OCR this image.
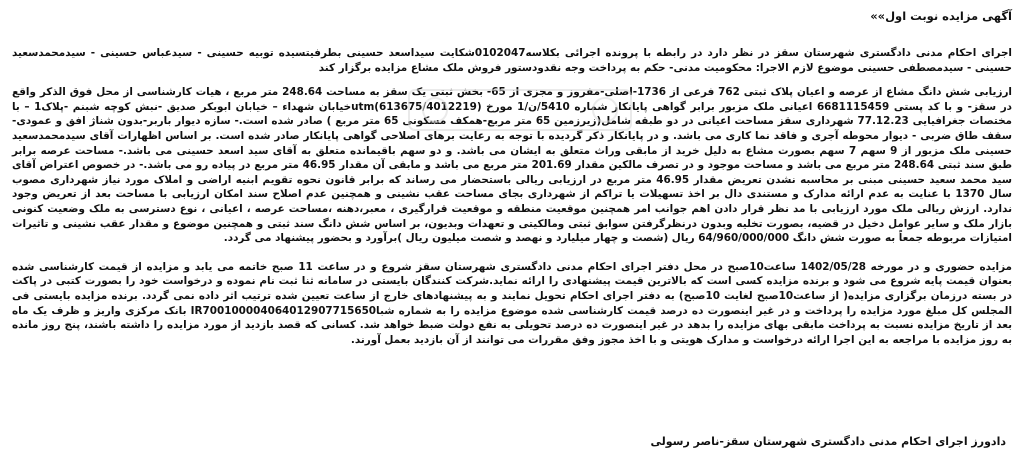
آگهی مزایده نوبت اول»»

اجرای احکام مدنی دادگستری شهرستان سقز در نظر دارد در رابطه با پرونده اجرائی بکلاسه0102047شکایت سیداسعد حسینی بطرفیتسیده توبیه حسینی - سیدعباس حسینی - سیدمحمدسعید حسینی - سیدمصطفی حسینی موضوع لازم الاجرا: محکومیت مدنی- حکم به پرداخت وجه نقدودستور فروش ملک مشاع مزایده برگزار کند

ارزیابی شش دانگ مشاع از عرصه و اعیان پلاک ثبتی 762 فرعی از 1736-اصلی-مفروز و مجزی از 65- بخش ثبتی یک سقز به مساحت 248.64 متر مربع ، هیات کارشناسی از محل فوق الذکر واقع در سقز- و با کد پستی 6681115459 اعیانی ملک مزبور برابر گواهی پایانکار شماره 5410/ن/1 مورخ (613675/4012219)utmخیابان شهداء – خیابان ابوبکر صدیق -نبش کوچه شبنم -پلاک1 – با مختصات جغرافیایی 77.12.23 شهرداری سقز مساحت اعیانی در دو طبقه شامل(زیرزمین 65 متر مربع-همکف مسکونی 65 متر مربع ) صادر شده است.- سازه دیوار باربر-بدون شناژ افق و عمودی-سقف طاق ضربی - دیوار محوطه آجری و فاقد نما کاری می باشد. و در پایانکار ذکر گردیده با توجه به رعایت برهای اصلاحی گواهی پایانکار صادر شده است. بر اساس اظهارات آقای سیدمحمدسعید حسینی ملک مزبور از 9 سهم 7 سهم بصورت مشاع به دلیل خرید از مابقی وراث متعلق به ایشان می باشد. و دو سهم باقیمانده متعلق به آقای سید اسعد حسینی می باشد.- مساحت عرصه برابر طبق سند ثبتی 248.64 متر مربع می باشد و مساحت موجود و در تصرف مالکین مقدار 201.69 متر مربع می باشد و مابقی آن مقدار 46.95 متر مربع در پیاده رو می باشد.- در خصوص اعتراض آقای سید محمد سعید حسینی مبنی بر محاسبه نشدن تعریض مقدار 46.95 متر مربع در ارزیابی ریالی باستحضار می رساند که برابر قانون نحوه تقویم ابنیه اراضی و املاک مورد نیاز شهرداری مصوب سال 1370 با عنایت به عدم ارائه مدارک و مستندی دال بر اخذ تسهیلات یا تراکم از شهرداری بجای مساحت عقب نشینی و همچنین عدم اصلاح سند امکان ارزیابی با مساحت بعد از تعریض وجود ندارد. ارزش ریالی ملک مورد ارزیابی با مد نظر قرار دادن اهم جوانب امر همچنین موقعیت منطقه و موقعیت قرارگیری ، معبر،دهنه ،مساحت عرصه ، اعیانی ، نوع دسترسی به ملک وضعیت کنونی بازار ملک و سایر عوامل دخیل در قضیه، بصورت تخلیه وبدون درنظرگرفتن سوابق ثبتی ومالکیتی و تعهدات وبدیون، بر اساس شش دانگ سند ثبتی و همچنین موضوع و مقدار عقب نشینی و تاثیرات امتیازات مربوطه جمعاً به صورت شش دانگ 64/960/000/000 ریال (شصت و چهار میلیارد و نهصد و شصت میلیون ریال )برآورد و بحضور پیشنهاد می گردد.

مزایده حضوری و در مورخه 1402/05/28 ساعت10صبح در محل دفتر اجرای احکام مدنی دادگستری شهرستان سقز شروع و در ساعت 11 صبح خاتمه می یابد و مزایده از قیمت کارشناسی شده بعنوان قیمت پایه شروع می شود و برنده مزایده کسی است که بالاترین قیمت پیشنهادی را ارائه نماید.شرکت کنندگان بایستی در سامانه ثنا ثبت نام نموده و درخواست خود را بصورت کتبی در پاکت در بسته درزمان برگزاری مزایده( از ساعت10صبح لغایت 10صبح) به دفتر اجرای احکام تحویل نمایند و به پیشنهادهای خارج از ساعت تعیین شده ترتیب اثر داده نمی گردد. برنده مزایده بایستی فی المجلس کل مبلغ مورد مزایده را پرداخت و در غیر اینصورت ده درصد قیمت کارشناسی شده موضوع مزایده را به شماره شباIR700100004064012907715650 بانک مرکزی واریز و ظرف یک ماه بعد از تاریخ مزایده نسبت به پرداخت مابقی بهای مزایده را بدهد در غیر اینصورت ده درصد تحویلی به نفع دولت ضبط خواهد شد. کسانی که قصد بازدید از مورد مزایده را داشته باشند، پنج روز مانده به روز مزایده با مراجعه به این اجرا ارائه درخواست و مدارک هویتی و با اخذ مجوز وفق مقررات می توانند از آن بازدید بعمل آورند.

دادورز اجرای احکام مدنی دادگستری شهرستان سقز-ناصر رسولی
